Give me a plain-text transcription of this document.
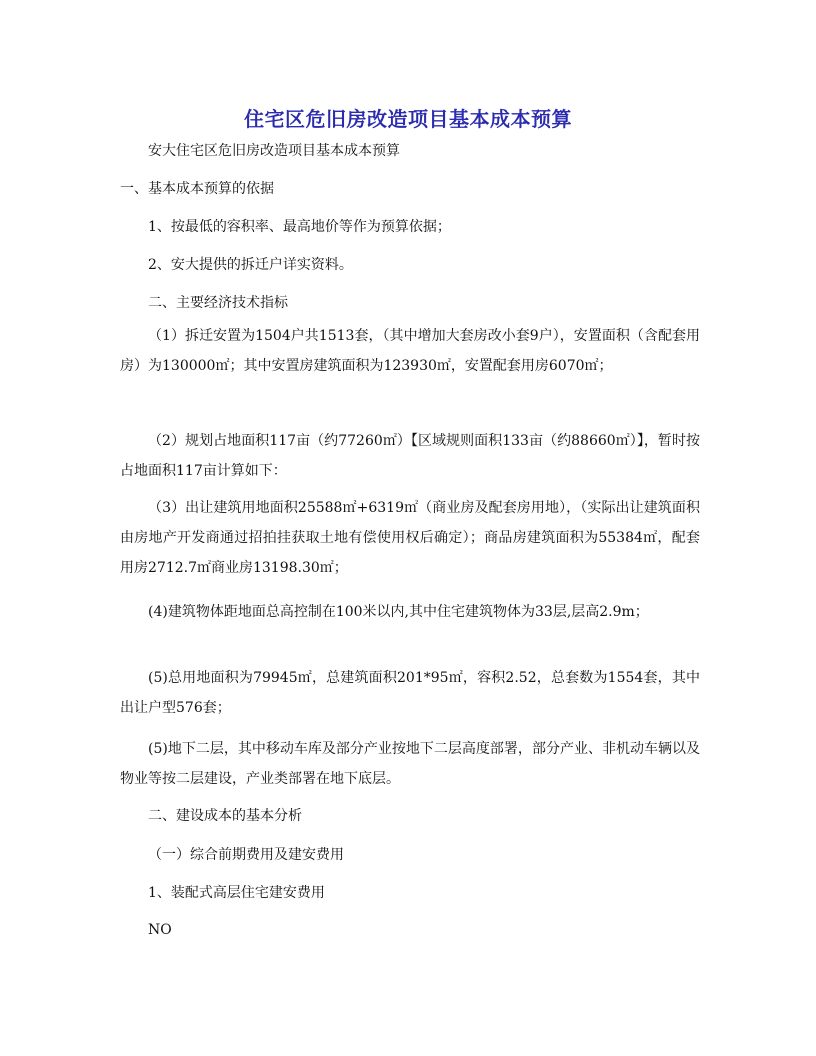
住宅区危旧房改造项目基本成本预算
安大住宅区危旧房改造项目基本成本预算
一、基本成本预算的依据
1、按最低的容积率、最高地价等作为预算依据；
2、安大提供的拆迁户详实资料。
二、主要经济技术指标
（1）拆迁安置为1504户共1513套，（其中增加大套房改小套9户），安置面积（含配套用房）为130000㎡；其中安置房建筑面积为123930㎡，安置配套用房6070㎡；
（2）规划占地面积117亩（约77260㎡）【区域规则面积133亩（约88660㎡）】，暂时按占地面积117亩计算如下：
（3）出让建筑用地面积25588㎡+6319㎡（商业房及配套房用地），（实际出让建筑面积由房地产开发商通过招拍挂获取土地有偿使用权后确定）；商品房建筑面积为55384㎡，配套用房2712.7㎡商业房13198.30㎡；
(4)建筑物体距地面总高控制在100米以内,其中住宅建筑物体为33层,层高2.9m；
(5)总用地面积为79945㎡，总建筑面积201*95㎡，容积2.52，总套数为1554套，其中出让户型576套；
(5)地下二层，其中移动车库及部分产业按地下二层高度部署，部分产业、非机动车辆以及物业等按二层建设，产业类部署在地下底层。
二、建设成本的基本分析
（一）综合前期费用及建安费用
1、装配式高层住宅建安费用
NO
